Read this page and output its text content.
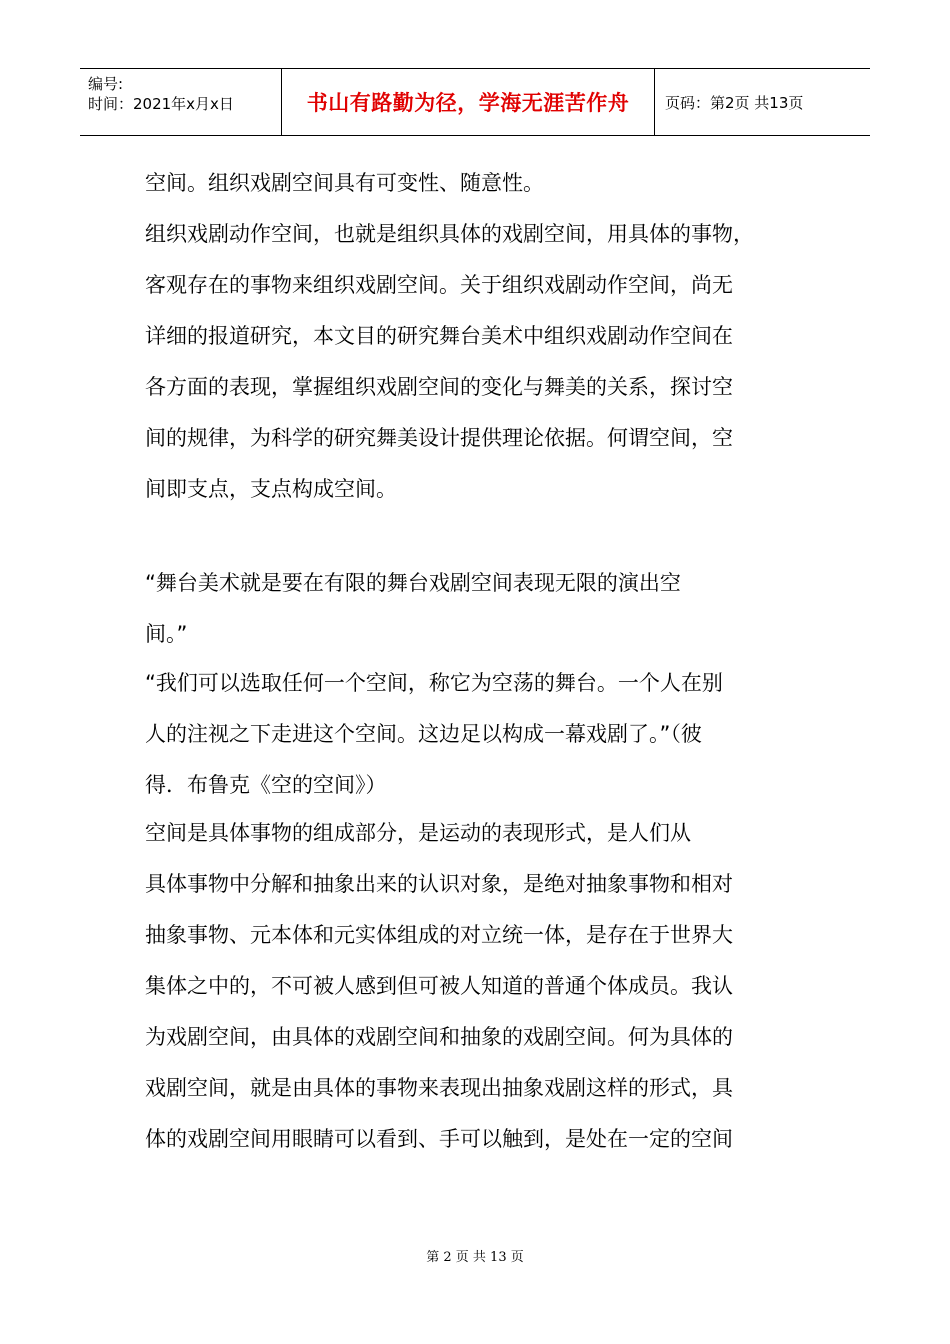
编号:
时间：2021年x月x日	书山有路勤为径，学海无涯苦作舟 页码：第2页 共13页
空间。组织戏剧空间具有可变性、随意性。
组织戏剧动作空间，也就是组织具体的戏剧空间，用具体的事物，
客观存在的事物来组织戏剧空间。关于组织戏剧动作空间，尚无
详细的报道研究，本文目的研究舞台美术中组织戏剧动作空间在
各方面的表现，掌握组织戏剧空间的变化与舞美的关系，探讨空
间的规律，为科学的研究舞美设计提供理论依据。何谓空间，空
间即支点，支点构成空间。
“舞台美术就是要在有限的舞台戏剧空间表现无限的演出空
间。”
“我们可以选取任何一个空间，称它为空荡的舞台。一个人在别
人的注视之下走进这个空间。这边足以构成一幕戏剧了。”（彼
得．布鲁克《空的空间》）
空间是具体事物的组成部分，是运动的表现形式，是人们从
具体事物中分解和抽象出来的认识对象，是绝对抽象事物和相对
抽象事物、元本体和元实体组成的对立统一体，是存在于世界大
集体之中的，不可被人感到但可被人知道的普通个体成员。我认
为戏剧空间，由具体的戏剧空间和抽象的戏剧空间。何为具体的
戏剧空间，就是由具体的事物来表现出抽象戏剧这样的形式，具
体的戏剧空间用眼睛可以看到、手可以触到，是处在一定的空间
第 2 页 共 13 页
